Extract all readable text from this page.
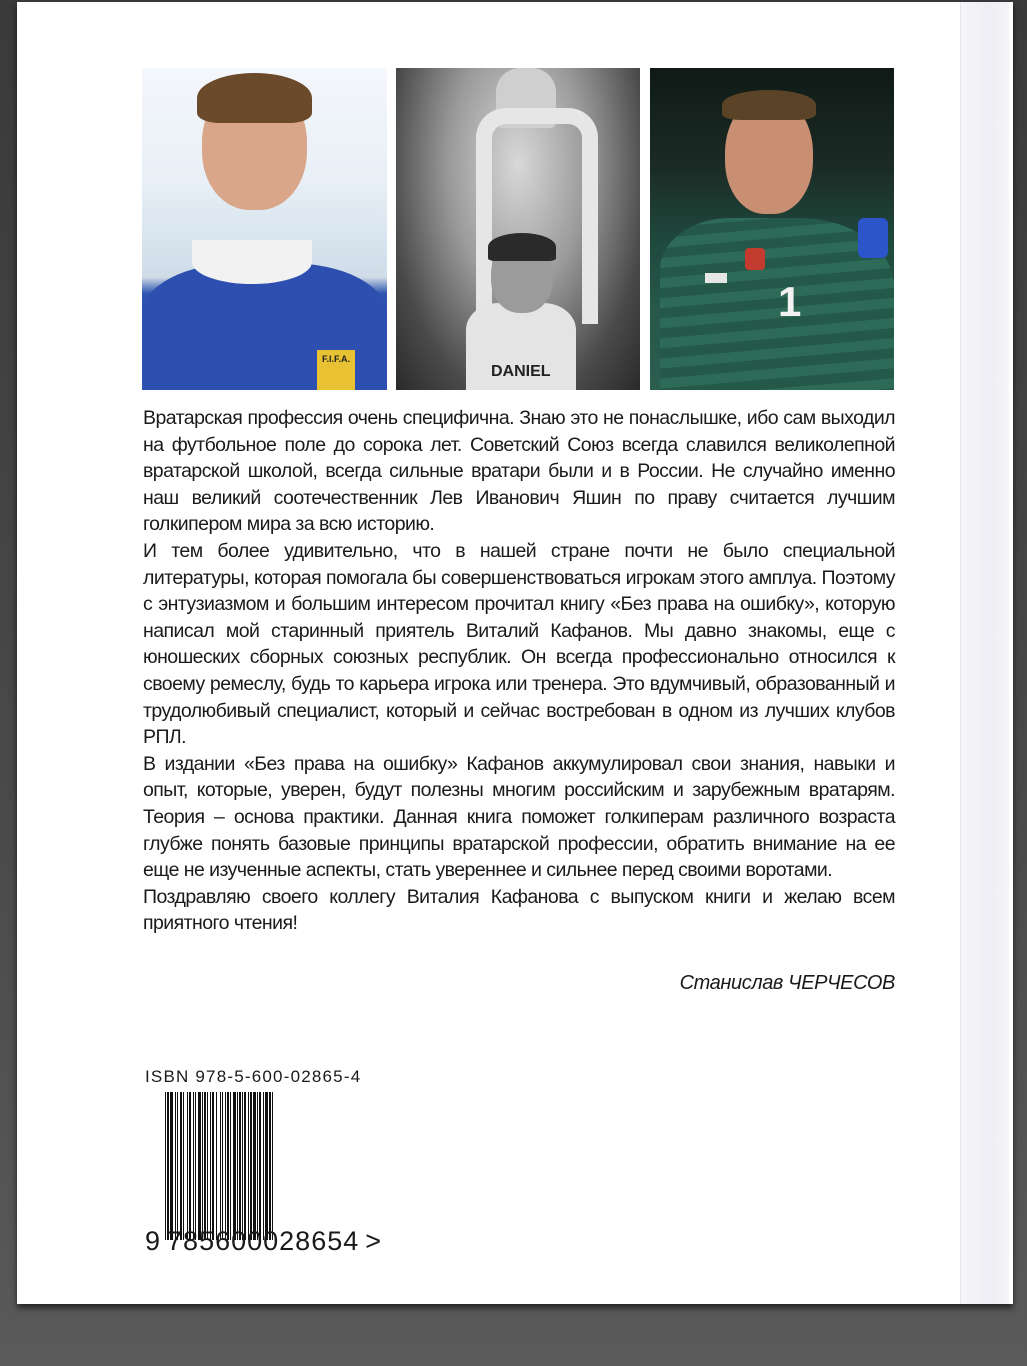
F.I.F.A.
DANIEL
1

Вратарская профессия очень специфична. Знаю это не понаслышке, ибо сам выходил на футбольное поле до сорока лет. Советский Союз всегда славился великолепной вратарской школой, всегда сильные вратари были и в России. Не случайно именно наш великий соотечественник Лев Иванович Яшин по праву считается лучшим голкипером мира за всю историю.

И тем более удивительно, что в нашей стране почти не было специальной литературы, которая помогала бы совершенствоваться игрокам этого амплуа. Поэтому с энтузиазмом и большим интересом прочитал книгу «Без права на ошибку», которую написал мой старинный приятель Виталий Кафанов. Мы давно знакомы, еще с юношеских сборных союзных республик. Он всегда профессионально относился к своему ремеслу, будь то карьера игрока или тренера. Это вдумчивый, образованный и трудолюбивый специалист, который и сейчас востребован в одном из лучших клубов РПЛ.

В издании «Без права на ошибку» Кафанов аккумулировал свои знания, навыки и опыт, которые, уверен, будут полезны многим российским и зарубежным вратарям. Теория – основа практики. Данная книга поможет голкиперам различного возраста глубже понять базовые принципы вратарской профессии, обратить внимание на ее еще не изученные аспекты, стать увереннее и сильнее перед своими воротами.

Поздравляю своего коллегу Виталия Кафанова с выпуском книги и желаю всем приятного чтения!

Станислав ЧЕРЧЕСОВ
ISBN 978-5-600-02865-4
9 785600028654 >
